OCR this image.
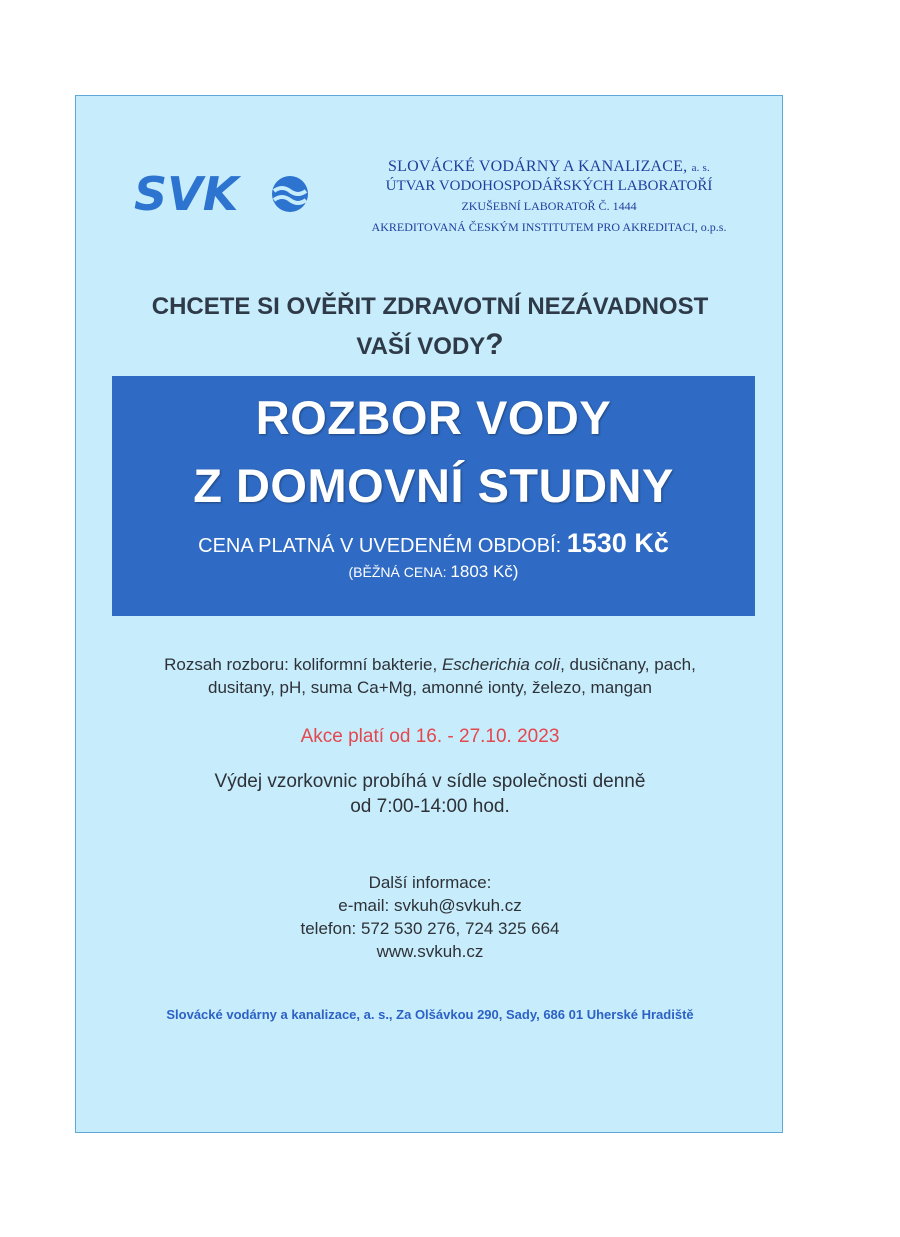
SVK
SLOVÁCKÉ VODÁRNY A KANALIZACE, a. s.
ÚTVAR VODOHOSPODÁŘSKÝCH LABORATOŘÍ
ZKUŠEBNÍ LABORATOŘ Č. 1444
AKREDITOVANÁ ČESKÝM INSTITUTEM PRO AKREDITACI, o.p.s.
CHCETE SI OVĚŘIT ZDRAVOTNÍ NEZÁVADNOST
VAŠÍ VODY?
ROZBOR VODY
Z DOMOVNÍ STUDNY
CENA PLATNÁ V UVEDENÉM OBDOBÍ: 1530 Kč
(BĚŽNÁ CENA: 1803 Kč)
Rozsah rozboru: koliformní bakterie, Escherichia coli, dusičnany, pach,
dusitany, pH, suma Ca+Mg, amonné ionty, železo, mangan
Akce platí od 16. - 27.10. 2023
Výdej vzorkovnic probíhá v sídle společnosti denně
od 7:00-14:00 hod.
Další informace:
e-mail: svkuh@svkuh.cz
telefon: 572 530 276, 724 325 664
www.svkuh.cz
Slovácké vodárny a kanalizace, a. s., Za Olšávkou 290, Sady, 686 01 Uherské Hradiště
